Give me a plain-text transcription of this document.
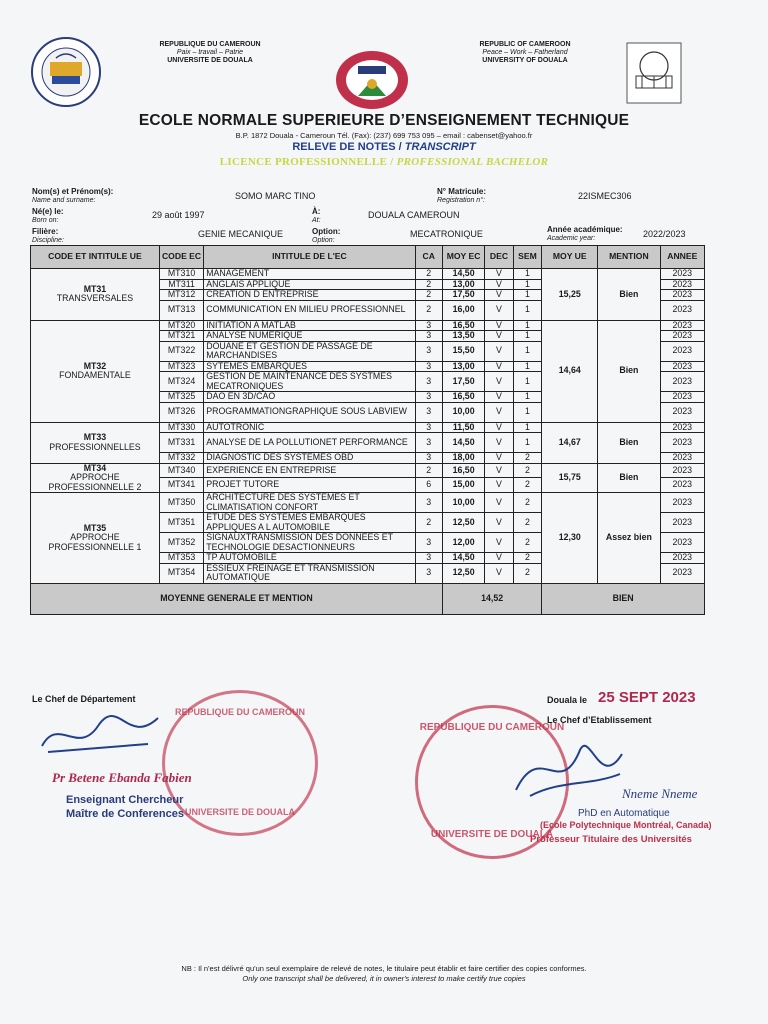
REPUBLIQUE DU CAMEROUN
Paix – travail – Patrie
UNIVERSITE DE DOUALA
REPUBLIC OF CAMEROON
Peace – Work – Fatherland
UNIVERSITY OF DOUALA
ECOLE NORMALE SUPERIEURE D’ENSEIGNEMENT TECHNIQUE
B.P. 1872 Douala - Cameroun Tél. (Fax): (237) 699 753 095 – email : cabenset@yahoo.fr
RELEVE DE NOTES / TRANSCRIPT
LICENCE PROFESSIONNELLE / PROFESSIONAL BACHELOR
Nom(s) et Prénom(s):
Name and surname:	SOMO MARC TINO	N° Matricule:
Registration n°:	22ISMEC306
Né(e) le:
Born on:
29 août 1997	À:
At:
DOUALA CAMEROUN
Filière:
Discipline:
GENIE MECANIQUE	Option:
Option:
MECATRONIQUE	Année académique:
Academic year:	2022/2023
CODE ET INTITULE UE	CODE EC	INTITULE DE L'EC	CA	MOY EC	DEC	SEM	MOY UE	MENTION	ANNEE

MT31
TRANSVERSALES	MT310	MANAGEMENT	2	14,50	V	1	15,25	Bien	2023
	MT311	ANGLAIS APPLIQUE	2	13,00	V	1			2023
	MT312	CREATION D ENTREPRISE	2	17,50	V	1			2023
	MT313	COMMUNICATION EN MILIEU PROFESSIONNEL	2	16,00	V	1			2023

MT32
FONDAMENTALE	MT320	INITIATION A MATLAB	3	16,50	V	1	14,64	Bien	2023
	MT321	ANALYSE NUMERIQUE	3	13,50	V	1			2023
	MT322	DOUANE ET GESTION DE PASSAGE DE MARCHANDISES	3	15,50	V	1			2023
	MT323	SYTEMES EMBARQUES	3	13,00	V	1			2023
	MT324	GESTION DE MAINTENANCE DES SYSTMES MECATRONIQUES	3	17,50	V	1			2023
	MT325	DAO EN 3D/CAO	3	16,50	V	1			2023
	MT326	PROGRAMMATIONGRAPHIQUE SOUS LABVIEW	3	10,00	V	1			2023

MT33
PROFESSIONNELLES	MT330	AUTOTRONIC	3	11,50	V	1	14,67	Bien	2023
	MT331	ANALYSE DE LA POLLUTIONET PERFORMANCE	3	14,50	V	1			2023
	MT332	DIAGNOSTIC DES SYSTEMES OBD	3	18,00	V	2			2023

MT34
APPROCHE PROFESSIONNELLE 2	MT340	EXPERIENCE EN ENTREPRISE	2	16,50	V	2	15,75	Bien	2023
	MT341	PROJET TUTORE	6	15,00	V	2			2023

MT35
APPROCHE PROFESSIONNELLE 1	MT350	ARCHITECTURE DES SYSTEMES ET CLIMATISATION CONFORT	3	10,00	V	2	12,30	Assez bien	2023
	MT351	ETUDE DES SYSTEMES EMBARQUES APPLIQUES A L AUTOMOBILE	2	12,50	V	2			2023
	MT352	SIGNAUXTRANSMISSION DES DONNEES ET TECHNOLOGIE DESACTIONNEURS	3	12,00	V	2			2023
	MT353	TP AUTOMOBILE	3	14,50	V	2			2023
	MT354	ESSIEUX FREINAGE ET TRANSMISSION AUTOMATIQUE	3	12,50	V	2			2023
MOYENNE GENERALE ET MENTION				14,52			BIEN		
Le Chef de Département
REPUBLIQUE DU CAMEROUN
UNIVERSITE DE DOUALA
Pr Betene Ebanda Fabien
Enseignant Chercheur
Maître de Conferences
Douala le 25 SEPT 2023
Le Chef d’Etablissement
REPUBLIQUE DU CAMEROUN
UNIVERSITE DE DOUALA
Nneme Nneme
PhD en Automatique
(Ecole Polytechnique Montréal, Canada)
Professeur Titulaire des Universités
NB : Il n'est délivré qu'un seul exemplaire de relevé de notes, le titulaire peut établir et faire certifier des copies conformes.
Only one transcript shall be delivered, it in owner's interest to make certify true copies
